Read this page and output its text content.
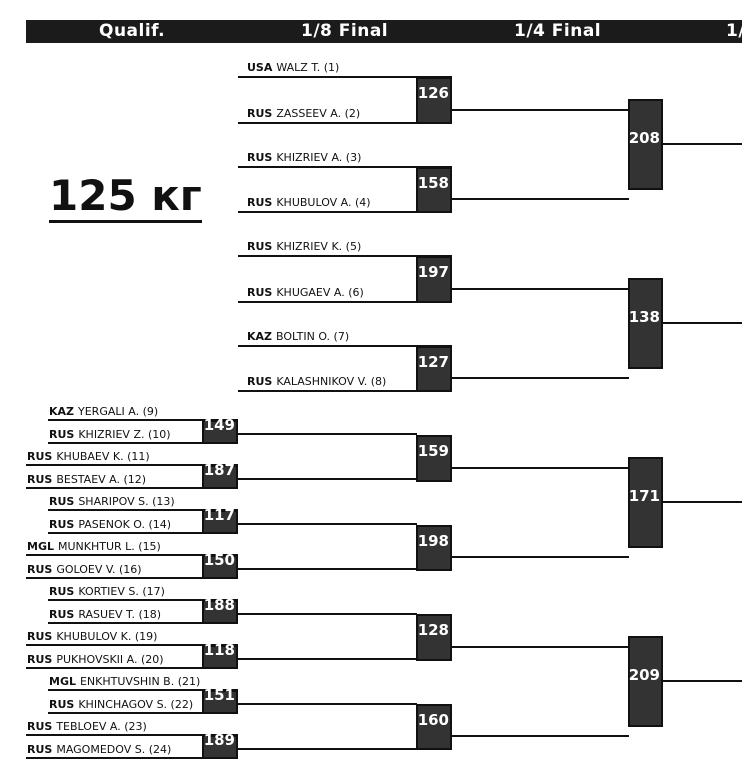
Qualif.	1/8 Final	1/4 Final	1/
125 кг
KAZ YERGALI A. (9)
RUS KHIZRIEV Z. (10)
149
RUS KHUBAEV K. (11)
RUS BESTAEV A. (12)
187
RUS SHARIPOV S. (13)
RUS PASENOK O. (14)
117
MGL MUNKHTUR L. (15)
RUS GOLOEV V. (16)
150
RUS KORTIEV S. (17)
RUS RASUEV T. (18)
188
RUS KHUBULOV K. (19)
RUS PUKHOVSKII A. (20)
118
MGL ENKHTUVSHIN B. (21)
RUS KHINCHAGOV S. (22)
151
RUS TEBLOEV A. (23)
RUS MAGOMEDOV S. (24)
189
USA WALZ T. (1)
RUS ZASSEEV A. (2)
126
RUS KHIZRIEV A. (3)
RUS KHUBULOV A. (4)
158
RUS KHIZRIEV K. (5)
RUS KHUGAEV A. (6)
197
KAZ BOLTIN O. (7)
RUS KALASHNIKOV V. (8)
127
159
198
128
160
208
138
171
209
